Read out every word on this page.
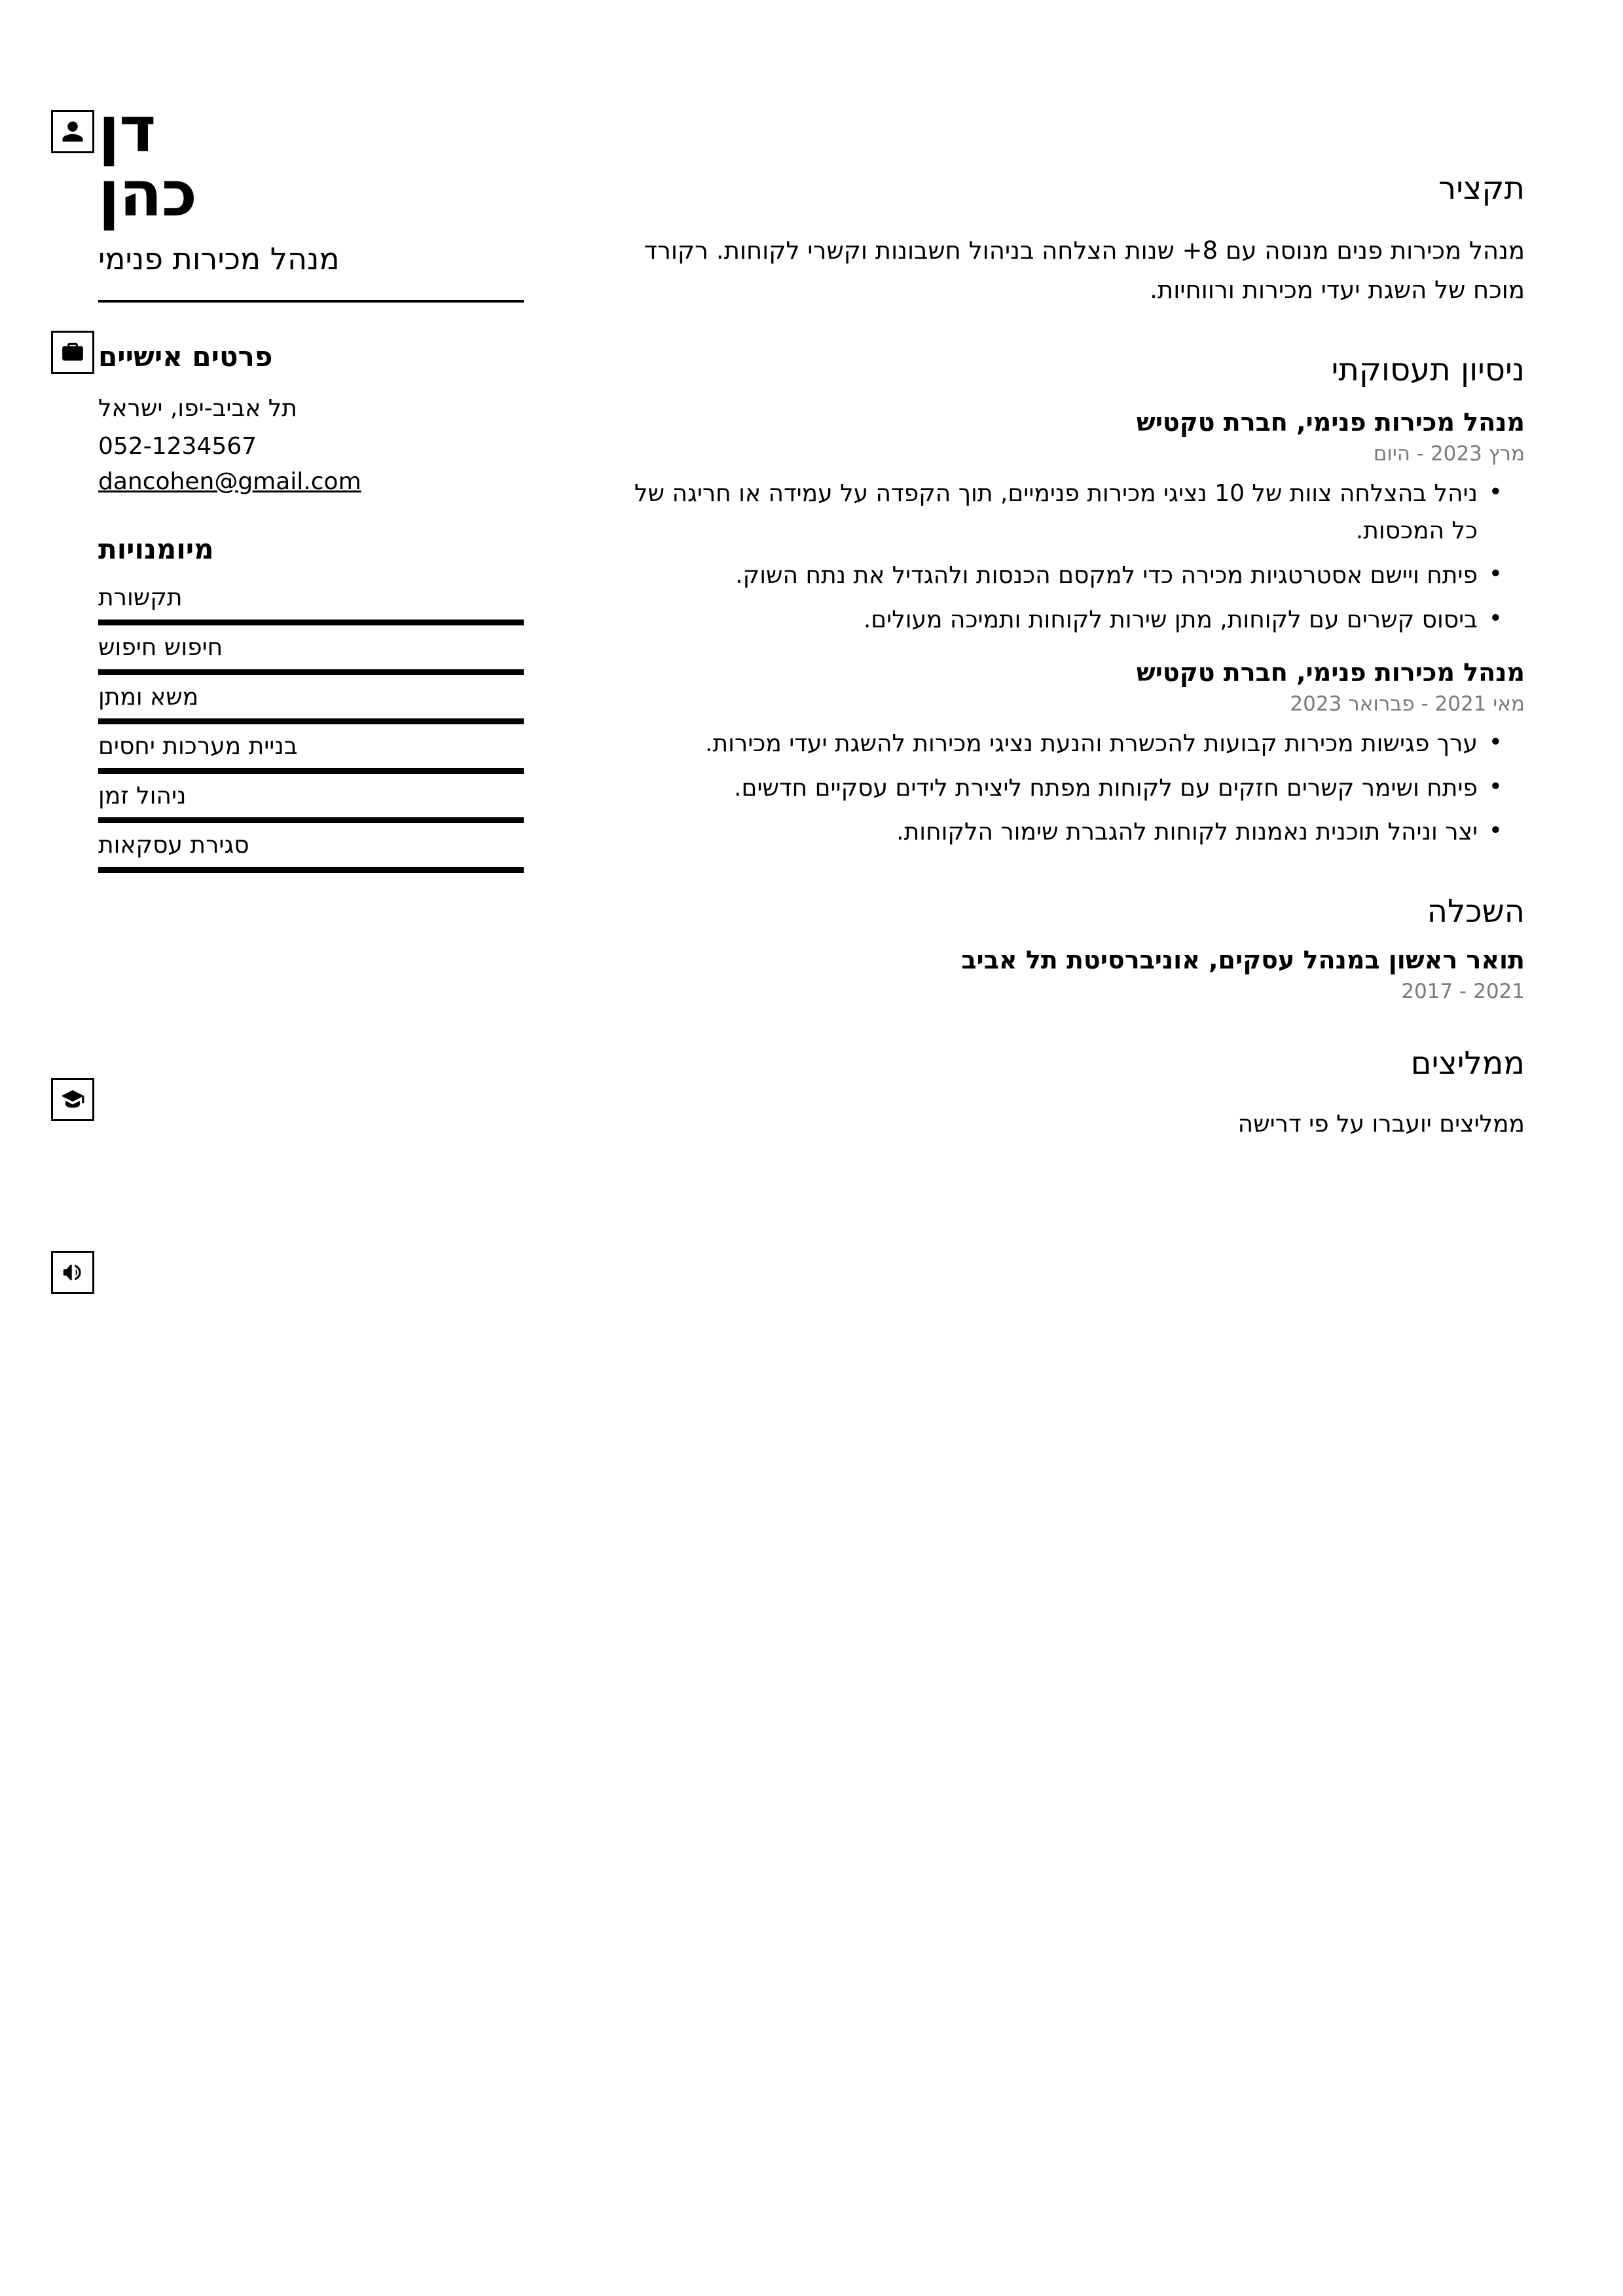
דן
כהן
מנהל מכירות פנימי
פרטים אישיים
תל אביב-יפו, ישראל
052-1234567
dancohen@gmail.com
מיומנויות
תקשורת
חיפוש חיפוש
משא ומתן
בניית מערכות יחסים
ניהול זמן
סגירת עסקאות
תקציר

מנהל מכירות פנים מנוסה עם 8+ שנות הצלחה בניהול חשבונות וקשרי לקוחות. רקורד מוכח של השגת יעדי מכירות ורווחיות.

ניסיון תעסוקתי
מנהל מכירות פנימי, חברת טקטיש
מרץ 2023 - היום
• ניהל בהצלחה צוות של 10 נציגי מכירות פנימיים, תוך הקפדה על עמידה או חריגה של כל המכסות.
• פיתח ויישם אסטרטגיות מכירה כדי למקסם הכנסות ולהגדיל את נתח השוק.
• ביסוס קשרים עם לקוחות, מתן שירות לקוחות ותמיכה מעולים.
מנהל מכירות פנימי, חברת טקטיש
מאי 2021 - פברואר 2023
• ערך פגישות מכירות קבועות להכשרת והנעת נציגי מכירות להשגת יעדי מכירות.
• פיתח ושימר קשרים חזקים עם לקוחות מפתח ליצירת לידים עסקיים חדשים.
• יצר וניהל תוכנית נאמנות לקוחות להגברת שימור הלקוחות.
השכלה
תואר ראשון במנהל עסקים, אוניברסיטת תל אביב
2017 - 2021
ממליצים

ממליצים יועברו על פי דרישה
